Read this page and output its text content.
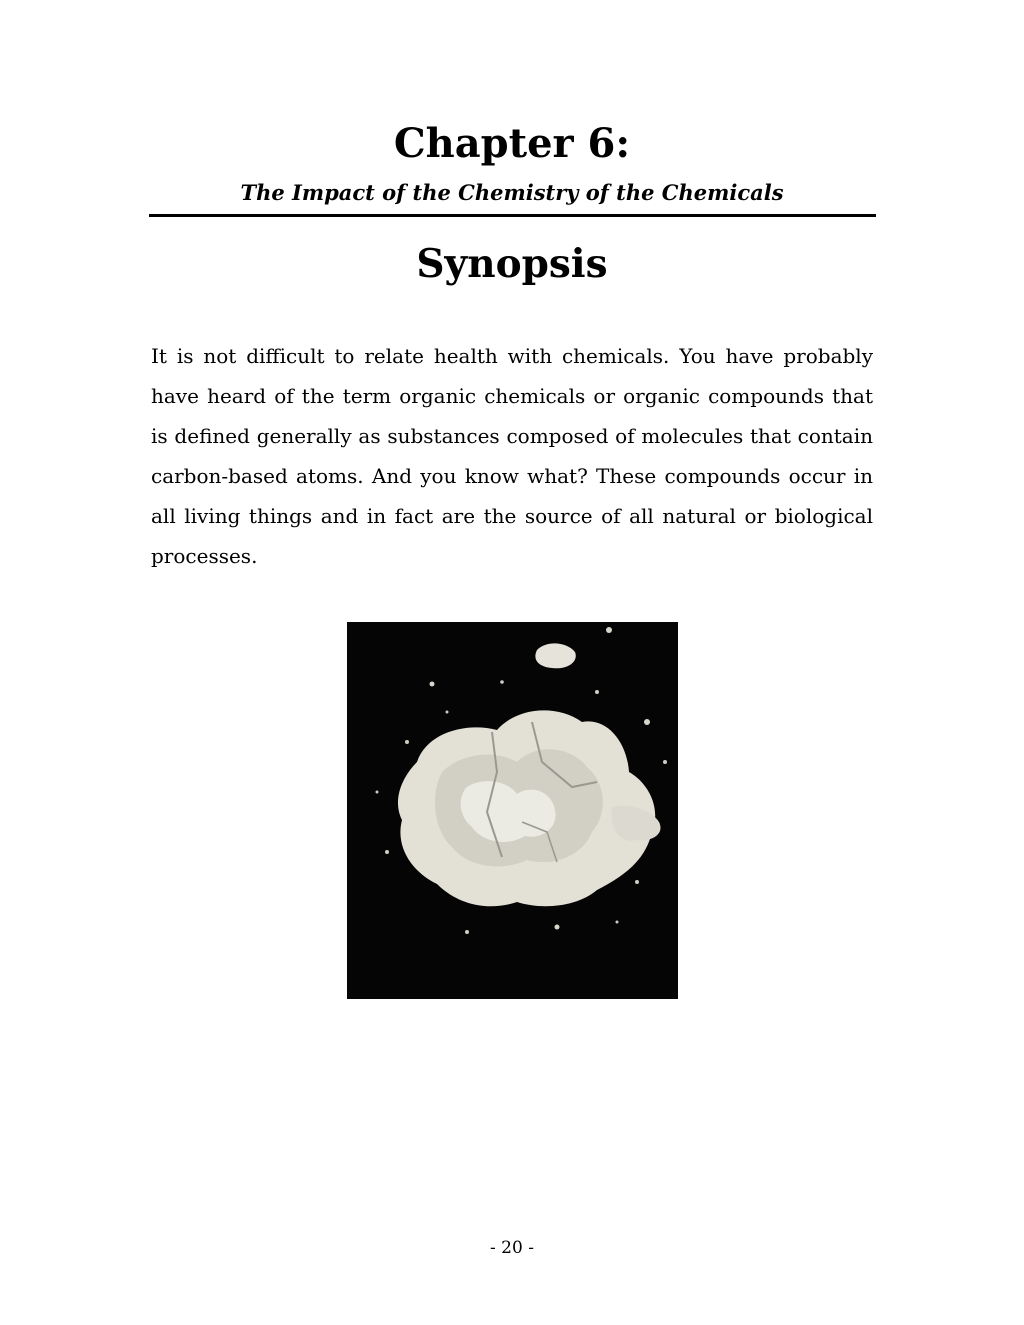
Chapter 6:
The Impact of the Chemistry of the Chemicals
Synopsis

It is not difficult to relate health with chemicals. You have probably have heard of the term organic chemicals or organic compounds that is defined generally as substances composed of molecules that contain carbon-based atoms. And you know what? These compounds occur in all living things and in fact are the source of all natural or biological processes.

- 20 -
